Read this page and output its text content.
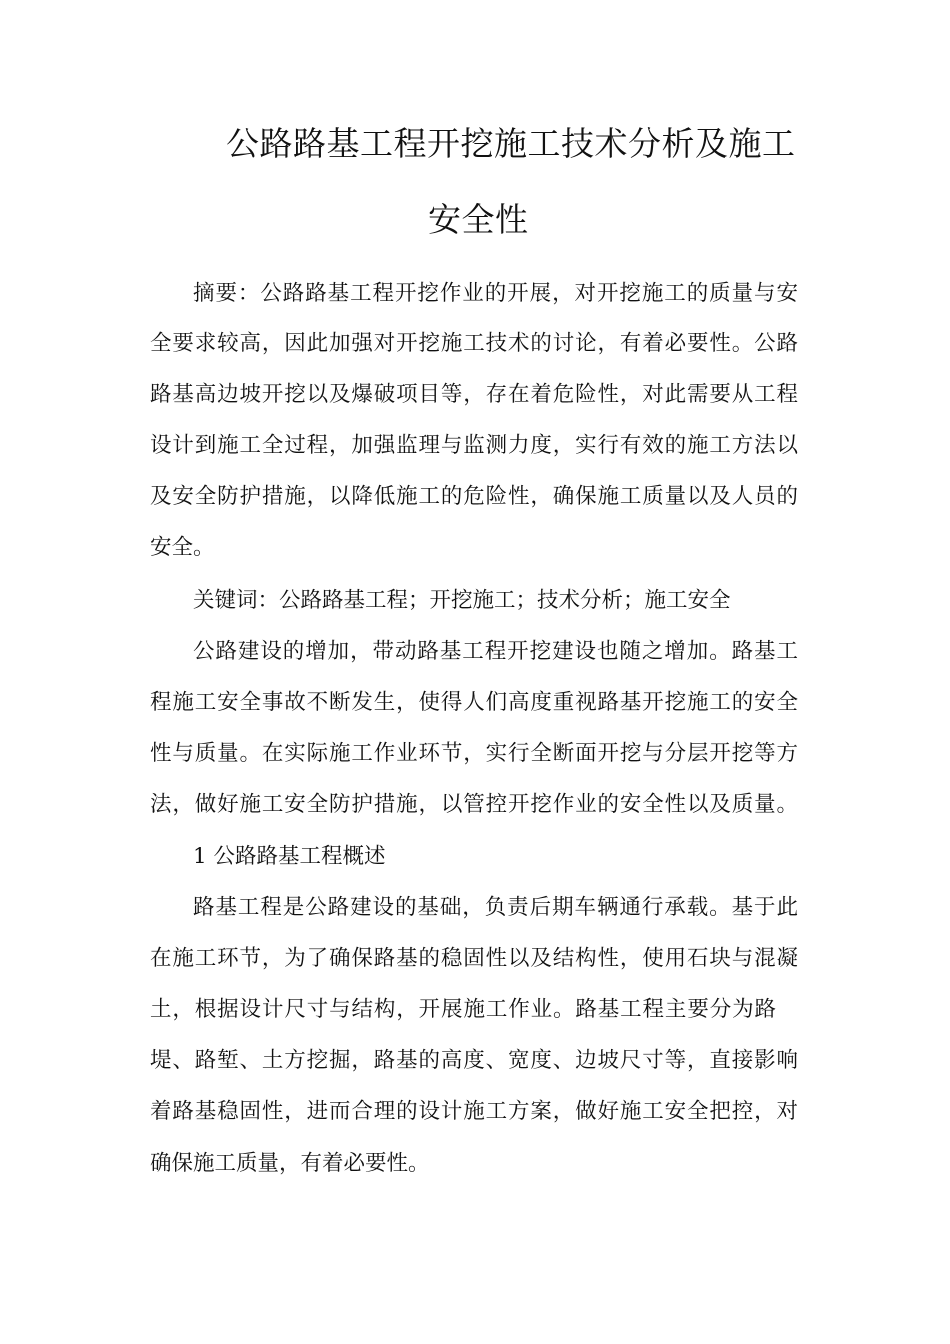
公路路基工程开挖施工技术分析及施工
安全性

摘要：公路路基工程开挖作业的开展，对开挖施工的质量与安

全要求较高，因此加强对开挖施工技术的讨论，有着必要性。公路

路基高边坡开挖以及爆破项目等，存在着危险性，对此需要从工程

设计到施工全过程，加强监理与监测力度，实行有效的施工方法以

及安全防护措施，以降低施工的危险性，确保施工质量以及人员的

安全。

关键词：公路路基工程；开挖施工；技术分析；施工安全

公路建设的增加，带动路基工程开挖建设也随之增加。路基工

程施工安全事故不断发生，使得人们高度重视路基开挖施工的安全

性与质量。在实际施工作业环节，实行全断面开挖与分层开挖等方

法，做好施工安全防护措施，以管控开挖作业的安全性以及质量。

1 公路路基工程概述

路基工程是公路建设的基础，负责后期车辆通行承载。基于此

在施工环节，为了确保路基的稳固性以及结构性，使用石块与混凝

土，根据设计尺寸与结构，开展施工作业。路基工程主要分为路

堤、路堑、土方挖掘，路基的高度、宽度、边坡尺寸等，直接影响

着路基稳固性，进而合理的设计施工方案，做好施工安全把控，对

确保施工质量，有着必要性。
